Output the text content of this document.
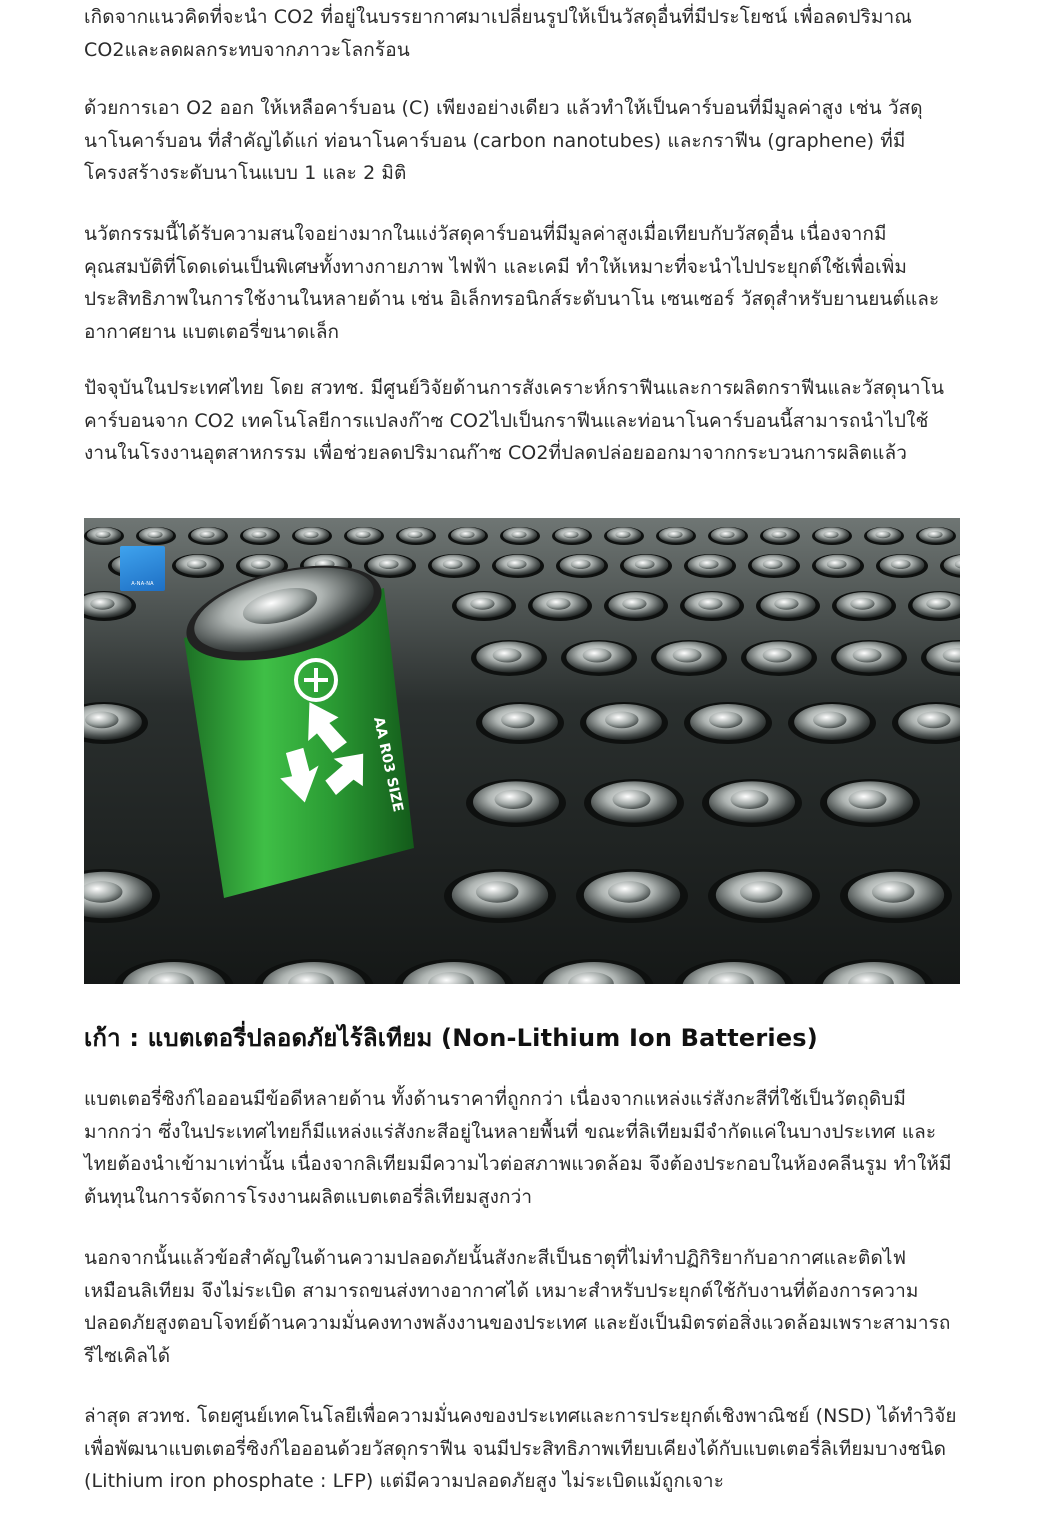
เกิดจากแนวคิดที่จะนำ CO2 ที่อยู่ในบรรยากาศมาเปลี่ยนรูปให้เป็นวัสดุอื่นที่มีประโยชน์ เพื่อลดปริมาณ CO2และลดผลกระทบจากภาวะโลกร้อน

ด้วยการเอา O2 ออก ให้เหลือคาร์บอน (C) เพียงอย่างเดียว แล้วทำให้เป็นคาร์บอนที่มีมูลค่าสูง เช่น วัสดุนาโนคาร์บอน ที่สำคัญได้แก่ ท่อนาโนคาร์บอน (carbon nanotubes) และกราฟีน (graphene) ที่มีโครงสร้างระดับนาโนแบบ 1 และ 2 มิติ

นวัตกรรมนี้ได้รับความสนใจอย่างมากในแง่วัสดุคาร์บอนที่มีมูลค่าสูงเมื่อเทียบกับวัสดุอื่น เนื่องจากมีคุณสมบัติที่โดดเด่นเป็นพิเศษทั้งทางกายภาพ ไฟฟ้า และเคมี ทำให้เหมาะที่จะนำไปประยุกต์ใช้เพื่อเพิ่มประสิทธิภาพในการใช้งานในหลายด้าน เช่น อิเล็กทรอนิกส์ระดับนาโน เซนเซอร์ วัสดุสำหรับยานยนต์และอากาศยาน แบตเตอรี่ขนาดเล็ก

ปัจจุบันในประเทศไทย โดย สวทช. มีศูนย์วิจัยด้านการสังเคราะห์กราฟีนและการผลิตกราฟีนและวัสดุนาโนคาร์บอนจาก CO2 เทคโนโลยีการแปลงก๊าซ CO2ไปเป็นกราฟีนและท่อนาโนคาร์บอนนี้สามารถนำไปใช้งานในโรงงานอุตสาหกรรม เพื่อช่วยลดปริมาณก๊าซ CO2ที่ปลดปล่อยออกมาจากกระบวนการผลิตแล้ว

AA R03 SIZE
A-NA-NA
เก้า : แบตเตอรี่ปลอดภัยไร้ลิเทียม (Non-Lithium Ion Batteries)

แบตเตอรี่ซิงก์ไอออนมีข้อดีหลายด้าน ทั้งด้านราคาที่ถูกกว่า เนื่องจากแหล่งแร่สังกะสีที่ใช้เป็นวัตถุดิบมีมากกว่า ซึ่งในประเทศไทยก็มีแหล่งแร่สังกะสีอยู่ในหลายพื้นที่ ขณะที่ลิเทียมมีจำกัดแค่ในบางประเทศ และไทยต้องนำเข้ามาเท่านั้น เนื่องจากลิเทียมมีความไวต่อสภาพแวดล้อม จึงต้องประกอบในห้องคลีนรูม ทำให้มีต้นทุนในการจัดการโรงงานผลิตแบตเตอรี่ลิเทียมสูงกว่า

นอกจากนั้นแล้วข้อสำคัญในด้านความปลอดภัยนั้นสังกะสีเป็นธาตุที่ไม่ทำปฏิกิริยากับอากาศและติดไฟเหมือนลิเทียม จึงไม่ระเบิด สามารถขนส่งทางอากาศได้ เหมาะสำหรับประยุกต์ใช้กับงานที่ต้องการความปลอดภัยสูงตอบโจทย์ด้านความมั่นคงทางพลังงานของประเทศ และยังเป็นมิตรต่อสิ่งแวดล้อมเพราะสามารถรีไซเคิลได้

ล่าสุด สวทช. โดยศูนย์เทคโนโลยีเพื่อความมั่นคงของประเทศและการประยุกต์เชิงพาณิชย์ (NSD) ได้ทำวิจัยเพื่อพัฒนาแบตเตอรี่ซิงก์ไอออนด้วยวัสดุกราฟีน จนมีประสิทธิภาพเทียบเคียงได้กับแบตเตอรี่ลิเทียมบางชนิด (Lithium iron phosphate : LFP) แต่มีความปลอดภัยสูง ไม่ระเบิดแม้ถูกเจาะ
